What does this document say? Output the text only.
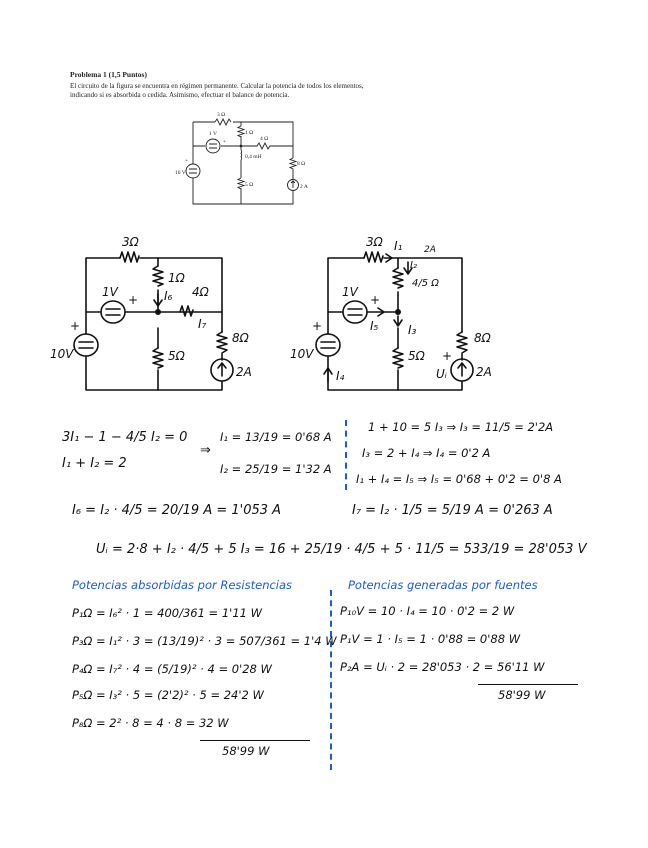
Problema 1 (1,5 Puntos)
El circuito de la figura se encuentra en régimen permanente. Calcular la potencia de todos los elementos,
indicando si es absorbida o cedida. Asimismo, efectuar el balance de potencia.
3 Ω
1 V	1 Ω
4 Ω
0,4 mH
8 Ω
10 V
5 Ω	2 A
+
+
3Ω
1Ω
4Ω
1V	I₆
I₇
8Ω
10V	5Ω
2A
+
+
3Ω I₁ 2A
I₂
4/5 Ω
1V
I₅ I₃
8Ω
10V	5Ω
I₄	Uᵢ 2A
+
+
+
3I₁ − 1 − 4/5 I₂ = 0
I₁ + I₂ = 2
⇒
I₁ = 13/19 = 0'68 A
I₂ = 25/19 = 1'32 A
1 + 10 = 5 I₃ ⇒ I₃ = 11/5 = 2'2A
I₃ = 2 + I₄ ⇒ I₄ = 0'2 A
I₁ + I₄ = I₅ ⇒ I₅ = 0'68 + 0'2 = 0'8 A
I₆ = I₂ · 4/5 = 20/19 A = 1'053 A	I₇ = I₂ · 1/5 = 5/19 A = 0'263 A
Uᵢ = 2·8 + I₂ · 4/5 + 5 I₃ = 16 + 25/19 · 4/5 + 5 · 11/5 = 533/19 = 28'053 V
Potencias absorbidas por Resistencias	Potencias generadas por fuentes
P₁Ω = I₆² · 1 = 400/361 = 1'11 W
P₃Ω = I₁² · 3 = (13/19)² · 3 = 507/361 = 1'4 W
P₄Ω = I₇² · 4 = (5/19)² · 4 = 0'28 W
P₅Ω = I₃² · 5 = (2'2)² · 5 = 24'2 W
P₈Ω = 2² · 8 = 4 · 8 = 32 W
58'99 W
P₁₀V = 10 · I₄ = 10 · 0'2 = 2 W
P₁V = 1 · I₅ = 1 · 0'88 = 0'88 W
P₂A = Uᵢ · 2 = 28'053 · 2 = 56'11 W
58'99 W
